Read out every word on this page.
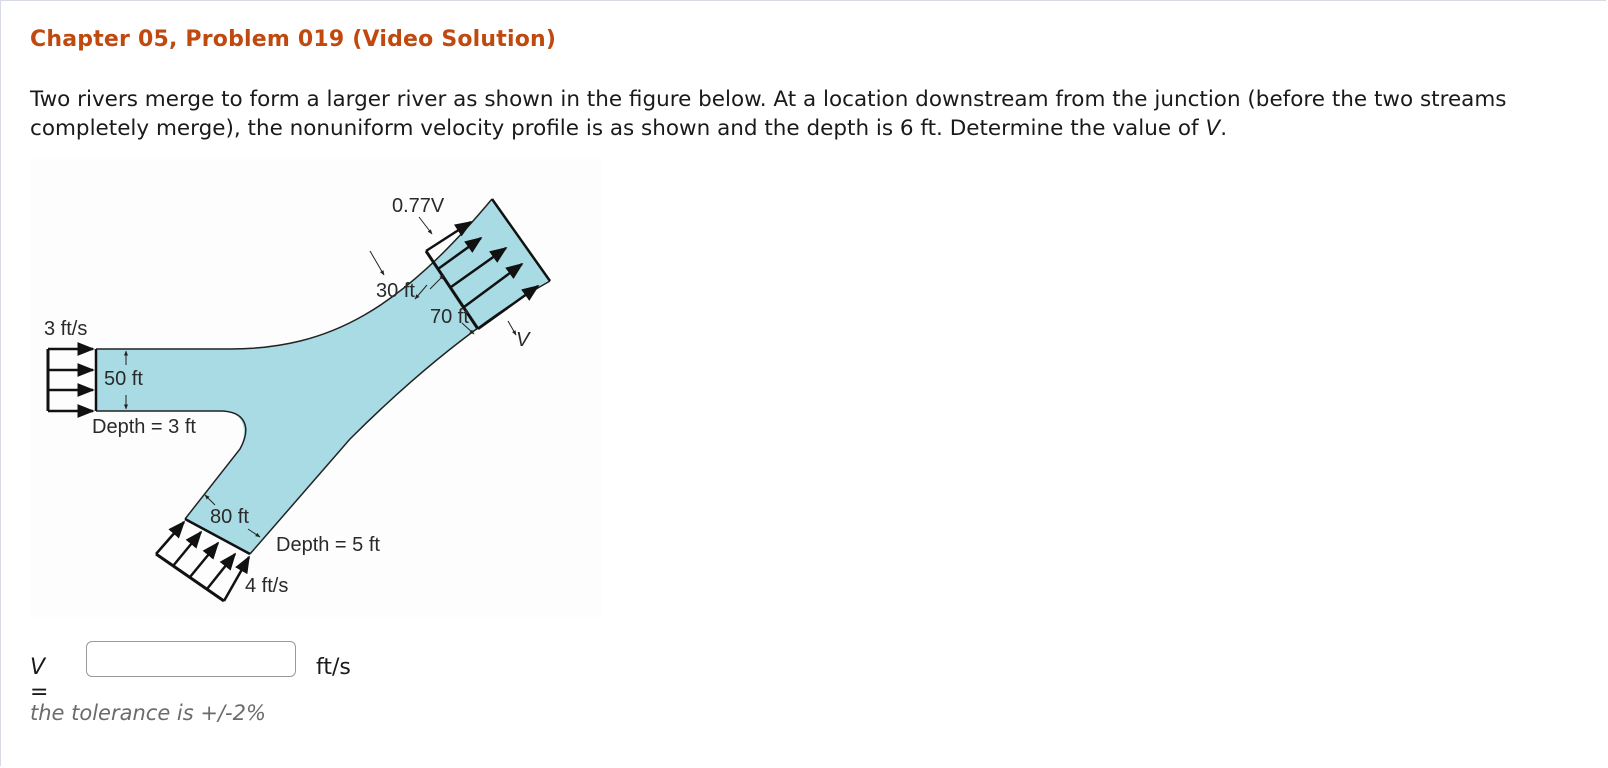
Chapter 05, Problem 019 (Video Solution)
Two rivers merge to form a larger river as shown in the figure below. At a location downstream from the junction (before the two streams completely merge), the nonuniform velocity profile is as shown and the depth is 6 ft. Determine the value of V.
3 ft/s
50 ft
Depth = 3 ft
80 ft
Depth = 5 ft
4 ft/s
0.77V
30 ft
70 ft
V
V =
ft/s
the tolerance is +/-2%
